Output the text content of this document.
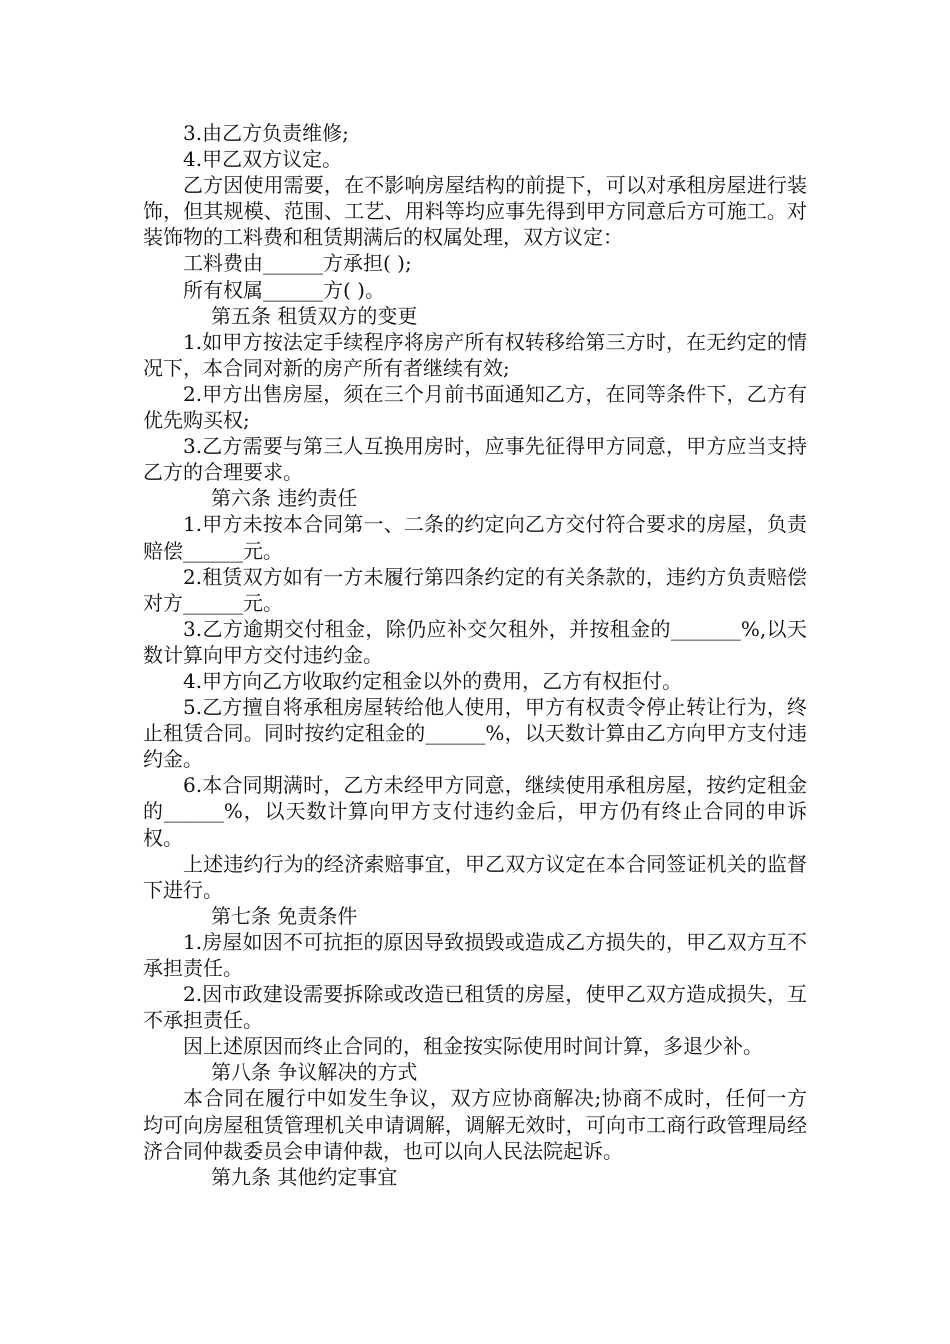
3.由乙方负责维修;

4.甲乙双方议定。

乙方因使用需要，在不影响房屋结构的前提下，可以对承租房屋进行装饰，但其规模、范围、工艺、用料等均应事先得到甲方同意后方可施工。对装饰物的工料费和租赁期满后的权属处理，双方议定：

工料费由______方承担( );

所有权属______方( )。

第五条 租赁双方的变更

1.如甲方按法定手续程序将房产所有权转移给第三方时，在无约定的情况下，本合同对新的房产所有者继续有效;

2.甲方出售房屋，须在三个月前书面通知乙方，在同等条件下，乙方有优先购买权;

3.乙方需要与第三人互换用房时，应事先征得甲方同意，甲方应当支持乙方的合理要求。

第六条 违约责任

1.甲方未按本合同第一、二条的约定向乙方交付符合要求的房屋，负责赔偿______元。

2.租赁双方如有一方未履行第四条约定的有关条款的，违约方负责赔偿对方______元。

3.乙方逾期交付租金，除仍应补交欠租外，并按租金的_______%,以天数计算向甲方交付违约金。

4.甲方向乙方收取约定租金以外的费用，乙方有权拒付。

5.乙方擅自将承租房屋转给他人使用，甲方有权责令停止转让行为，终止租赁合同。同时按约定租金的______%，以天数计算由乙方向甲方支付违约金。

6.本合同期满时，乙方未经甲方同意，继续使用承租房屋，按约定租金的______%，以天数计算向甲方支付违约金后，甲方仍有终止合同的申诉权。

上述违约行为的经济索赔事宜，甲乙双方议定在本合同签证机关的监督下进行。

第七条 免责条件

1.房屋如因不可抗拒的原因导致损毁或造成乙方损失的，甲乙双方互不承担责任。

2.因市政建设需要拆除或改造已租赁的房屋，使甲乙双方造成损失，互不承担责任。

因上述原因而终止合同的，租金按实际使用时间计算，多退少补。

第八条 争议解决的方式

本合同在履行中如发生争议，双方应协商解决;协商不成时，任何一方均可向房屋租赁管理机关申请调解，调解无效时，可向市工商行政管理局经济合同仲裁委员会申请仲裁，也可以向人民法院起诉。

第九条 其他约定事宜
